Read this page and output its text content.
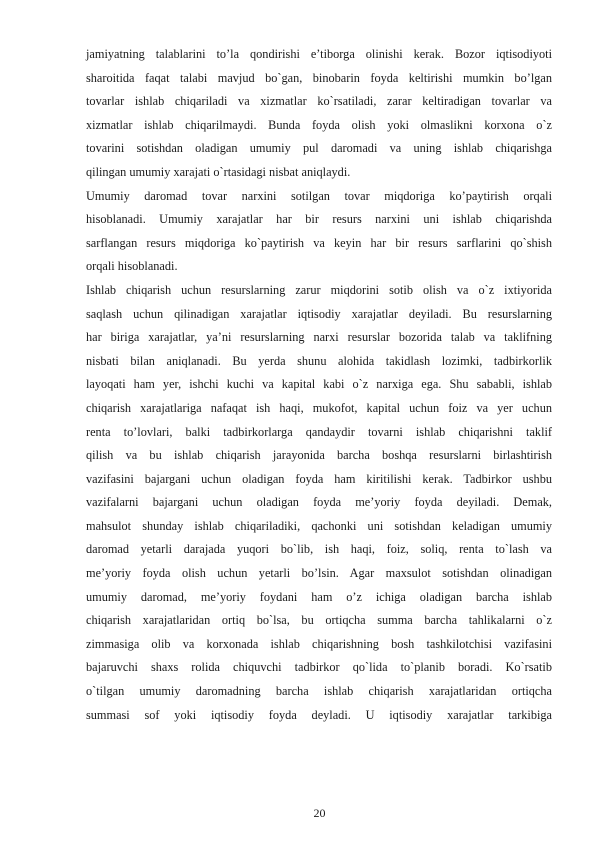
jamiyatning talablarini to’la qondirishi e’tiborga olinishi kerak. Bozor iqtisodiyoti
sharoitida faqat talabi mavjud bo`gan, binobarin foyda keltirishi mumkin bo’lgan
tovarlar ishlab chiqariladi va xizmatlar ko`rsatiladi, zarar keltiradigan tovarlar va
xizmatlar ishlab chiqarilmaydi. Bunda foyda olish yoki olmaslikni korxona o`z
tovarini sotishdan oladigan umumiy pul daromadi va uning ishlab chiqarishga
qilingan umumiy xarajati o`rtasidagi nisbat aniqlaydi.
Umumiy daromad tovar narxini sotilgan tovar miqdoriga ko’paytirish orqali
hisoblanadi. Umumiy xarajatlar har bir resurs narxini uni ishlab chiqarishda
sarflangan resurs miqdoriga ko`paytirish va keyin har bir resurs sarflarini qo`shish
orqali hisoblanadi.
Ishlab chiqarish uchun resurslarning zarur miqdorini sotib olish va o`z ixtiyorida
saqlash uchun qilinadigan xarajatlar iqtisodiy xarajatlar deyiladi. Bu resurslarning
har biriga xarajatlar, ya’ni resurslarning narxi resurslar bozorida talab va taklifning
nisbati bilan aniqlanadi. Bu yerda shunu alohida takidlash lozimki, tadbirkorlik
layoqati ham yer, ishchi kuchi va kapital kabi o`z narxiga ega. Shu sababli, ishlab
chiqarish xarajatlariga nafaqat ish haqi, mukofot, kapital uchun foiz va yer uchun
renta to’lovlari, balki tadbirkorlarga qandaydir tovarni ishlab chiqarishni taklif
qilish va bu ishlab chiqarish jarayonida barcha boshqa resurslarni birlashtirish
vazifasini bajargani uchun oladigan foyda ham kiritilishi kerak. Tadbirkor ushbu
vazifalarni bajargani uchun oladigan foyda me’yoriy foyda deyiladi. Demak,
mahsulot shunday ishlab chiqariladiki, qachonki uni sotishdan keladigan umumiy
daromad yetarli darajada yuqori bo`lib, ish haqi, foiz, soliq, renta to`lash va
me’yoriy foyda olish uchun yetarli bo’lsin. Agar maxsulot sotishdan olinadigan
umumiy daromad, me’yoriy foydani ham o’z ichiga oladigan barcha ishlab
chiqarish xarajatlaridan ortiq bo`lsa, bu ortiqcha summa barcha tahlikalarni o`z
zimmasiga olib va korxonada ishlab chiqarishning bosh tashkilotchisi vazifasini
bajaruvchi shaxs rolida chiquvchi tadbirkor qo`lida to`planib boradi. Ko`rsatib
o`tilgan umumiy daromadning barcha ishlab chiqarish xarajatlaridan ortiqcha
summasi sof yoki iqtisodiy foyda deyladi. U iqtisodiy xarajatlar tarkibiga
20
